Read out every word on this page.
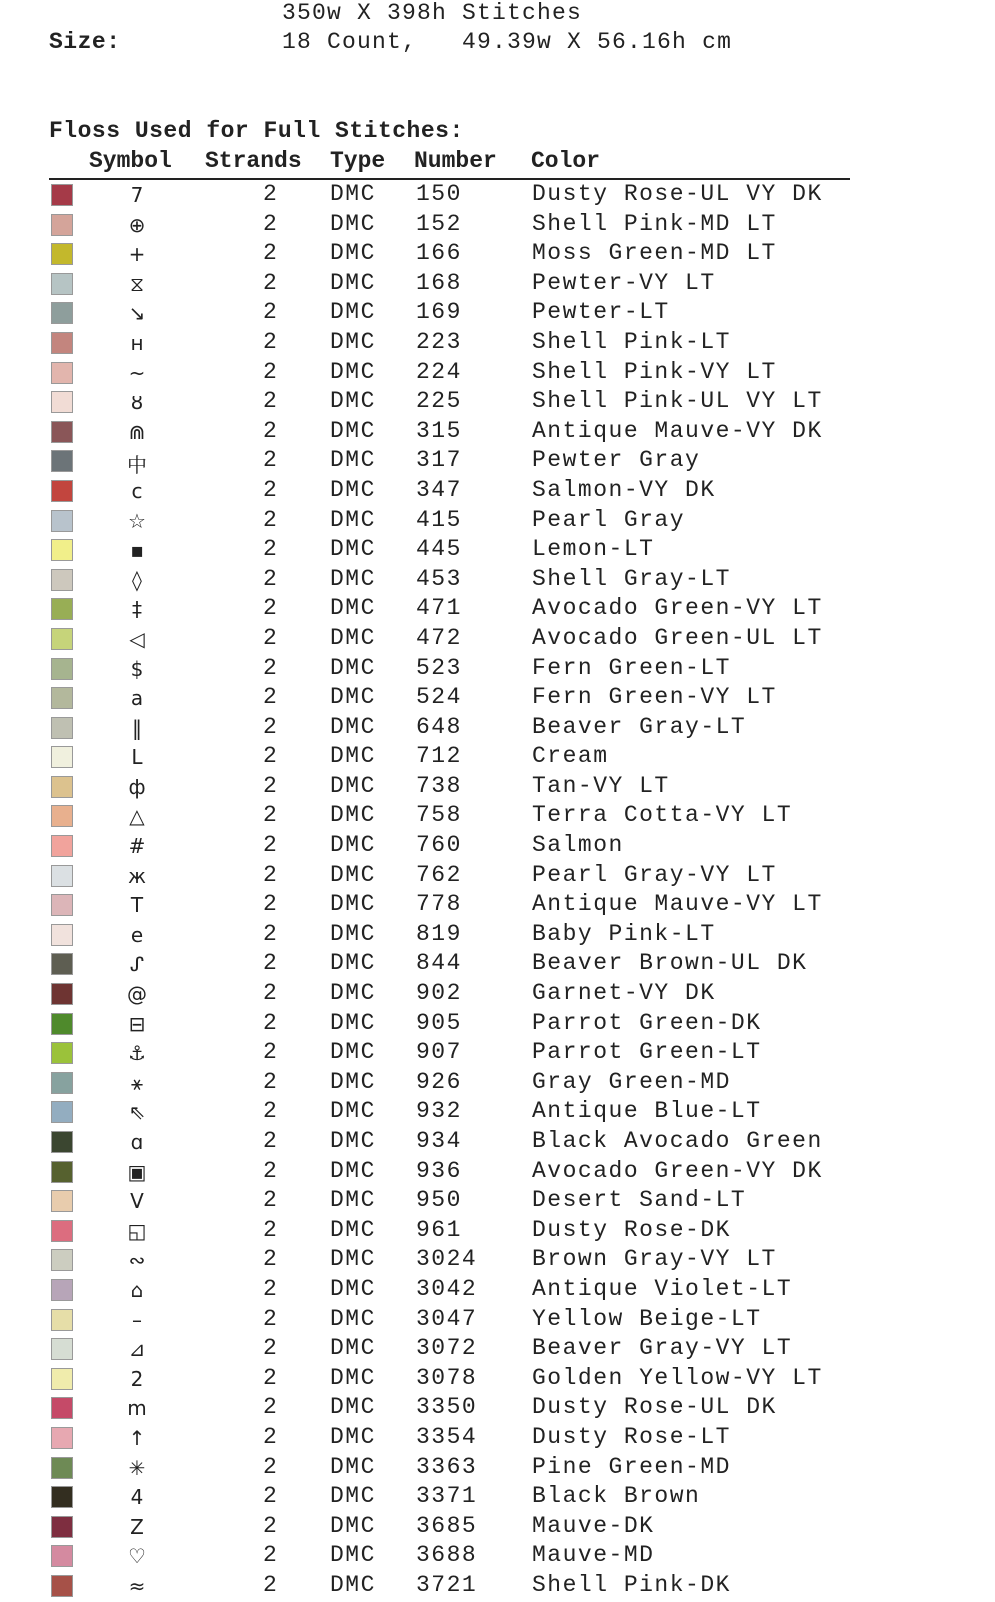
Size:
350w X 398h Stitches
18 Count,   49.39w X 56.16h cm
Floss Used for Full Stitches:
Symbol Strands Type Number Color
7	2 DMC 150	Dusty Rose-UL VY DK
⊕	2 DMC 152	Shell Pink-MD LT
+	2 DMC 166	Moss Green-MD LT
⧖	2 DMC 168	Pewter-VY LT
↘	2 DMC 169	Pewter-LT
н	2 DMC 223	Shell Pink-LT
~	2 DMC 224	Shell Pink-VY LT
ȣ	2 DMC 225	Shell Pink-UL VY LT
⋒	2 DMC 315	Antique Mauve-VY DK
中	2 DMC 317	Pewter Gray
c	2 DMC 347	Salmon-VY DK
☆	2 DMC 415	Pearl Gray
▪	2 DMC 445	Lemon-LT
◊	2 DMC 453	Shell Gray-LT
‡	2 DMC 471	Avocado Green-VY LT
◁	2 DMC 472	Avocado Green-UL LT
$	2 DMC 523	Fern Green-LT
a	2 DMC 524	Fern Green-VY LT
‖	2 DMC 648	Beaver Gray-LT
L	2 DMC 712	Cream
ф	2 DMC 738	Tan-VY LT
△	2 DMC 758	Terra Cotta-VY LT
#	2 DMC 760	Salmon
ж	2 DMC 762	Pearl Gray-VY LT
T	2 DMC 778	Antique Mauve-VY LT
e	2 DMC 819	Baby Pink-LT
ᔑ	2 DMC 844	Beaver Brown-UL DK
@	2 DMC 902	Garnet-VY DK
⊟	2 DMC 905	Parrot Green-DK
⚓	2 DMC 907	Parrot Green-LT
⚹	2 DMC 926	Gray Green-MD
⇖	2 DMC 932	Antique Blue-LT
ɑ	2 DMC 934	Black Avocado Green
▣	2 DMC 936	Avocado Green-VY DK
V	2 DMC 950	Desert Sand-LT
◱	2 DMC 961	Dusty Rose-DK
∾	2 DMC 3024 Brown Gray-VY LT
⌂	2 DMC 3042 Antique Violet-LT
–	2 DMC 3047 Yellow Beige-LT
⊿	2 DMC 3072 Beaver Gray-VY LT
2	2 DMC 3078 Golden Yellow-VY LT
m	2 DMC 3350 Dusty Rose-UL DK
↑	2 DMC 3354 Dusty Rose-LT
✳	2 DMC 3363 Pine Green-MD
4	2 DMC 3371 Black Brown
Z	2 DMC 3685 Mauve-DK
♡	2 DMC 3688 Mauve-MD
≈	2 DMC 3721 Shell Pink-DK
